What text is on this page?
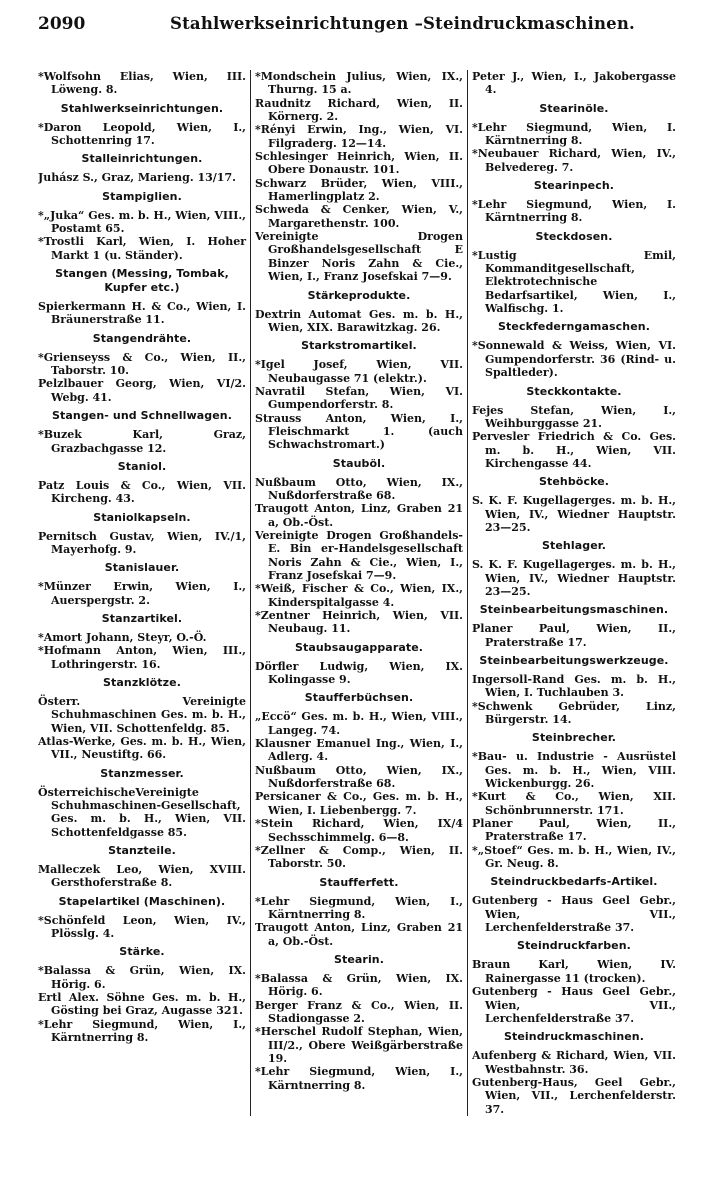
2090	Stahlwerkseinrichtungen –Steindruckmaschinen.

*Wolfsohn Elias, Wien, III. Löweng. 8.

Stahlwerkseinrichtungen.

*Daron Leopold, Wien, I., Schottenring 17.

Stalleinrichtungen.

Juhász S., Graz, Marieng. 13/17.

Stampiglien.

*„Juka“ Ges. m. b. H., Wien, VIII., Postamt 65.

*Trostli Karl, Wien, I. Hoher Markt 1 (u. Ständer).

Stangen (Messing, Tombak, Kupfer etc.)

Spierkermann H. & Co., Wien, I. Bräunerstraße 11.

Stangendrähte.

*Grienseyss & Co., Wien, II., Taborstr. 10.

Pelzlbauer Georg, Wien, VI/2. Webg. 41.

Stangen- und Schnellwagen.

*Buzek Karl, Graz, Grazbachgasse 12.

Staniol.

Patz Louis & Co., Wien, VII. Kircheng. 43.

Staniolkapseln.

Pernitsch Gustav, Wien, IV./1, Mayerhofg. 9.

Stanislauer.

*Münzer Erwin, Wien, I., Auerspergstr. 2.

Stanzartikel.

*Amort Johann, Steyr, O.-Ö.

*Hofmann Anton, Wien, III., Lothringerstr. 16.

Stanzklötze.

Österr. Vereinigte Schuhmaschinen Ges. m. b. H., Wien, VII. Schottenfeldg. 85.

Atlas-Werke, Ges. m. b. H., Wien, VII., Neustiftg. 66.

Stanzmesser.

ÖsterreichischeVereinigte Schuhmaschinen-Gesellschaft, Ges. m. b. H., Wien, VII. Schottenfeldgasse 85.

Stanzteile.

Malleczek Leo, Wien, XVIII. Gersthoferstraße 8.

Stapelartikel (Maschinen).

*Schönfeld Leon, Wien, IV., Plösslg. 4.

Stärke.

*Balassa & Grün, Wien, IX. Hörig. 6.

Ertl Alex. Söhne Ges. m. b. H., Gösting bei Graz, Augasse 321.

*Lehr Siegmund, Wien, I., Kärntnerring 8.

*Mondschein Julius, Wien, IX., Thurng. 15 a.

Raudnitz Richard, Wien, II. Körnerg. 2.

*Rényi Erwin, Ing., Wien, VI. Filgraderg. 12—14.

Schlesinger Heinrich, Wien, II. Obere Donaustr. 101.

Schwarz Brüder, Wien, VIII., Hamerlingplatz 2.

Schweda & Cenker, Wien, V., Margarethenstr. 100.

Vereinigte Drogen Großhandelsgesellschaft E Binzer Noris Zahn & Cie., Wien, I., Franz Josefskai 7—9.

Stärkeprodukte.

Dextrin Automat Ges. m. b. H., Wien, XIX. Barawitzkag. 26.

Starkstromartikel.

*Igel Josef, Wien, VII. Neubaugasse 71 (elektr.).

Navratil Stefan, Wien, VI. Gumpendorferstr. 8.

Strauss Anton, Wien, I., Fleischmarkt 1. (auch Schwachstromart.)

Stauböl.

Nußbaum Otto, Wien, IX., Nußdorferstraße 68.

Traugott Anton, Linz, Graben 21 a, Ob.-Öst.

Vereinigte Drogen Großhandels-E. Bin er-Handelsgesellschaft Noris Zahn & Cie., Wien, I., Franz Josefskai 7—9.

*Weiß, Fischer & Co., Wien, IX., Kinderspitalgasse 4.

*Zentner Heinrich, Wien, VII. Neubaug. 11.

Staubsaugapparate.

Dörfler Ludwig, Wien, IX. Kolingasse 9.

Staufferbüchsen.

„Eccö“ Ges. m. b. H., Wien, VIII., Langeg. 74.

Klausner Emanuel Ing., Wien, I., Adlerg. 4.

Nußbaum Otto, Wien, IX., Nußdorferstraße 68.

Persicaner & Co., Ges. m. b. H., Wien, I. Liebenbergg. 7.

*Stein Richard, Wien, IX/4 Sechsschimmelg. 6—8.

*Zellner & Comp., Wien, II. Taborstr. 50.

Staufferfett.

*Lehr Siegmund, Wien, I., Kärntnerring 8.

Traugott Anton, Linz, Graben 21 a, Ob.-Öst.

Stearin.

*Balassa & Grün, Wien, IX. Hörig. 6.

Berger Franz & Co., Wien, II. Stadiongasse 2.

*Herschel Rudolf Stephan, Wien, III/2., Obere Weißgärberstraße 19.

*Lehr Siegmund, Wien, I., Kärntnerring 8.

Peter J., Wien, I., Jakobergasse 4.

Stearinöle.

*Lehr Siegmund, Wien, I. Kärntnerring 8.

*Neubauer Richard, Wien, IV., Belvedereg. 7.

Stearinpech.

*Lehr Siegmund, Wien, I. Kärntnerring 8.

Steckdosen.

*Lustig Emil, Kommanditgesellschaft, Elektrotechnische Bedarfsartikel, Wien, I., Walfischg. 1.

Steckfederngamaschen.

*Sonnewald & Weiss, Wien, VI. Gumpendorferstr. 36 (Rind- u. Spaltleder).

Steckkontakte.

Fejes Stefan, Wien, I., Weihburggasse 21.

Pervesler Friedrich & Co. Ges. m. b. H., Wien, VII. Kirchengasse 44.

Stehböcke.

S. K. F. Kugellagerges. m. b. H., Wien, IV., Wiedner Hauptstr. 23—25.

Stehlager.

S. K. F. Kugellagerges. m. b. H., Wien, IV., Wiedner Hauptstr. 23—25.

Steinbearbeitungsmaschinen.

Planer Paul, Wien, II., Praterstraße 17.

Steinbearbeitungswerkzeuge.

Ingersoll-Rand Ges. m. b. H., Wien, I. Tuchlauben 3.

*Schwenk Gebrüder, Linz, Bürgerstr. 14.

Steinbrecher.

*Bau- u. Industrie - Ausrüstel Ges. m. b. H., Wien, VIII. Wickenburgg. 26.

*Kurt & Co., Wien, XII. Schönbrunnerstr. 171.

Planer Paul, Wien, II., Praterstraße 17.

*„Stoef“ Ges. m. b. H., Wien, IV., Gr. Neug. 8.

Steindruckbedarfs-Artikel.

Gutenberg - Haus Geel Gebr., Wien, VII., Lerchenfelderstraße 37.

Steindruckfarben.

Braun Karl, Wien, IV. Rainergasse 11 (trocken).

Gutenberg - Haus Geel Gebr., Wien, VII., Lerchenfelderstraße 37.

Steindruckmaschinen.

Aufenberg & Richard, Wien, VII. Westbahnstr. 36.

Gutenberg-Haus, Geel Gebr., Wien, VII., Lerchenfelderstr. 37.
